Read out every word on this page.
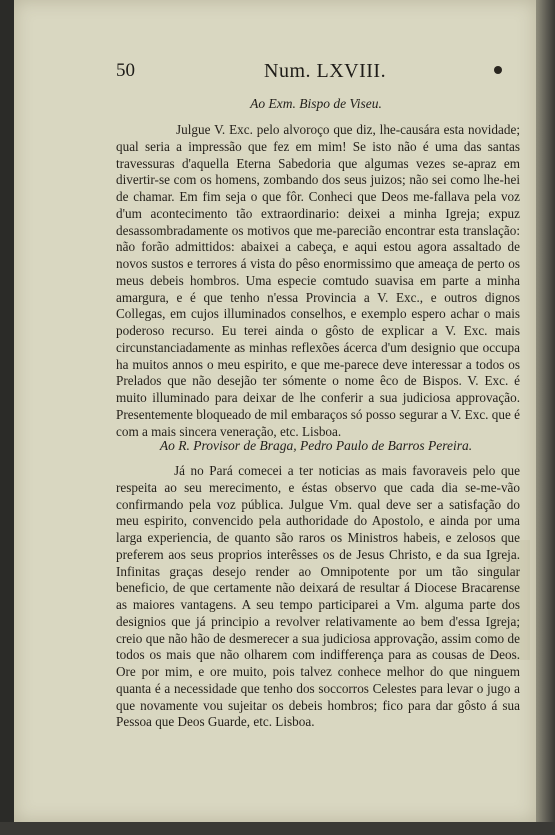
50	Num. LXVIII.
Ao Exm. Bispo de Viseu.

Julgue V. Exc. pelo alvoroço que diz, lhe-causára esta novidade; qual seria a impressão que fez em mim! Se isto não é uma das santas travessuras d'aquella Eterna Sabedoria que algumas vezes se-apraz em divertir-se com os homens, zombando dos seus juizos; não sei como lhe-hei de chamar. Em fim seja o que fôr. Conheci que Deos me-fallava pela voz d'um acontecimento tão extraordinario: deixei a minha Igreja; expuz desassombradamente os motivos que me-parecião encontrar esta translação: não forão admittidos: abaixei a cabeça, e aqui estou agora assaltado de novos sustos e terrores á vista do pêso enormissimo que ameaça de perto os meus debeis hombros. Uma especie comtudo suavisa em parte a minha amargura, e é que tenho n'essa Provincia a V. Exc., e outros dignos Collegas, em cujos illuminados conselhos, e exemplo espero achar o mais poderoso recurso. Eu terei ainda o gôsto de explicar a V. Exc. mais circunstanciadamente as minhas reflexões ácerca d'um designio que occupa ha muitos annos o meu espirito, e que me-parece deve interessar a todos os Prelados que não desejão ter sómente o nome êco de Bispos. V. Exc. é muito illuminado para deixar de lhe conferir a sua judiciosa approvação. Presentemente bloqueado de mil embaraços só posso segurar a V. Exc. que é com a mais sincera veneração, etc. Lisboa.

Ao R. Provisor de Braga, Pedro Paulo de Barros Pereira.

Já no Pará comecei a ter noticias as mais favoraveis pelo que respeita ao seu merecimento, e éstas observo que cada dia se-me-vão confirmando pela voz pública. Julgue Vm. qual deve ser a satisfação do meu espirito, convencido pela authoridade do Apostolo, e ainda por uma larga experiencia, de quanto são raros os Ministros habeis, e zelosos que preferem aos seus proprios interêsses os de Jesus Christo, e da sua Igreja. Infinitas graças desejo render ao Omnipotente por um tão singular beneficio, de que certamente não deixará de resultar á Diocese Bracarense as maiores vantagens. A seu tempo participarei a Vm. alguma parte dos designios que já principio a revolver relativamente ao bem d'essa Igreja; creio que não hão de desmerecer a sua judiciosa approvação, assim como de todos os mais que não olharem com indifferença para as cousas de Deos. Ore por mim, e ore muito, pois talvez conhece melhor do que ninguem quanta é a necessidade que tenho dos soccorros Celestes para levar o jugo a que novamente vou sujeitar os debeis hombros; fico para dar gôsto á sua Pessoa que Deos Guarde, etc. Lisboa.
